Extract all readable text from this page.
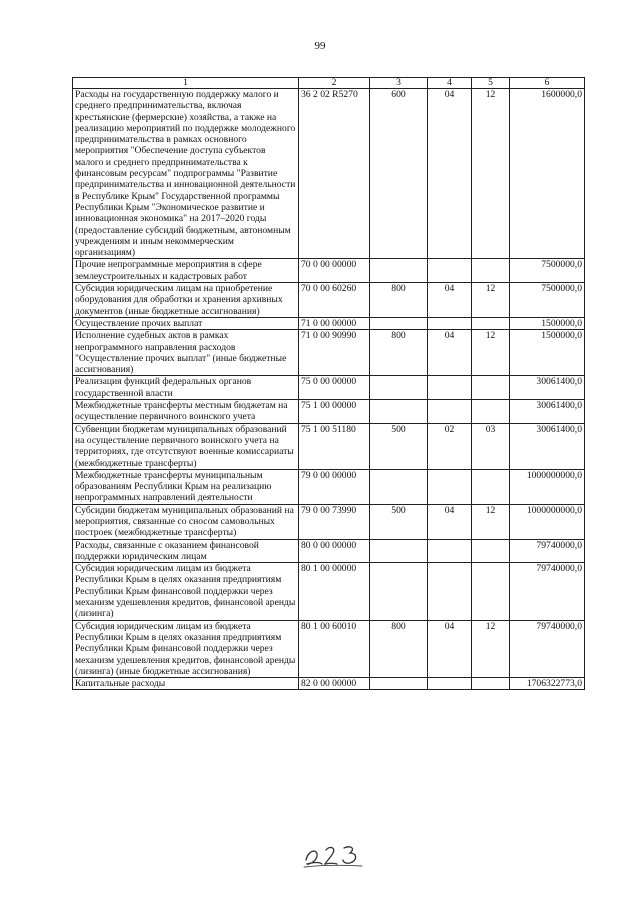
99
1	2	3	4	5	6
Расходы на государственную поддержку малого и среднего предпринимательства, включая крестьянские (фермерские) хозяйства, а также на реализацию мероприятий по поддержке молодежного предпринимательства в рамках основного мероприятия "Обеспечение доступа субъектов малого и среднего предпринимательства к финансовым ресурсам" подпрограммы "Развитие предпринимательства и инновационной деятельности в Республике Крым" Государственной программы Республики Крым "Экономическое развитие и инновационная экономика" на 2017–2020 годы (предоставление субсидий бюджетным, автономным учреждениям и иным некоммерческим организациям)	36 2 02 R5270	600	04	12	1600000,0
Прочие непрограммные мероприятия в сфере землеустроительных и кадастровых работ	70 0 00 00000				7500000,0
Субсидия юридическим лицам на приобретение оборудования для обработки и хранения архивных документов (иные бюджетные ассигнования)	70 0 00 60260	800	04	12	7500000,0
Осуществление прочих выплат	71 0 00 00000				1500000,0
Исполнение судебных актов в рамках непрограммного направления расходов "Осуществление прочих выплат" (иные бюджетные ассигнования)	71 0 00 90990	800	04	12	1500000,0
Реализация функций федеральных органов государственной власти	75 0 00 00000				30061400,0
Межбюджетные трансферты местным бюджетам на осуществление первичного воинского учета	75 1 00 00000				30061400,0
Субвенции бюджетам муниципальных образований на осуществление первичного воинского учета на территориях, где отсутствуют военные комиссариаты (межбюджетные трансферты)	75 1 00 51180	500	02	03	30061400,0
Межбюджетные трансферты муниципальным образованиям Республики Крым на реализацию непрограммных направлений деятельности	79 0 00 00000				1000000000,0
Субсидии бюджетам муниципальных образований на мероприятия, связанные со сносом самовольных построек (межбюджетные трансферты)	79 0 00 73990	500	04	12	1000000000,0
Расходы, связанные с оказанием финансовой поддержки юридическим лицам	80 0 00 00000				79740000,0
Субсидия юридическим лицам из бюджета Республики Крым в целях оказания предприятиям Республики Крым финансовой поддержки через механизм удешевления кредитов, финансовой аренды (лизинга)	80 1 00 00000				79740000,0
Субсидия юридическим лицам из бюджета Республики Крым в целях оказания предприятиям Республики Крым финансовой поддержки через механизм удешевления кредитов, финансовой аренды (лизинга) (иные бюджетные ассигнования)	80 1 00 60010	800	04	12	79740000,0
Капитальные расходы	82 0 00 00000				1706322773,0
